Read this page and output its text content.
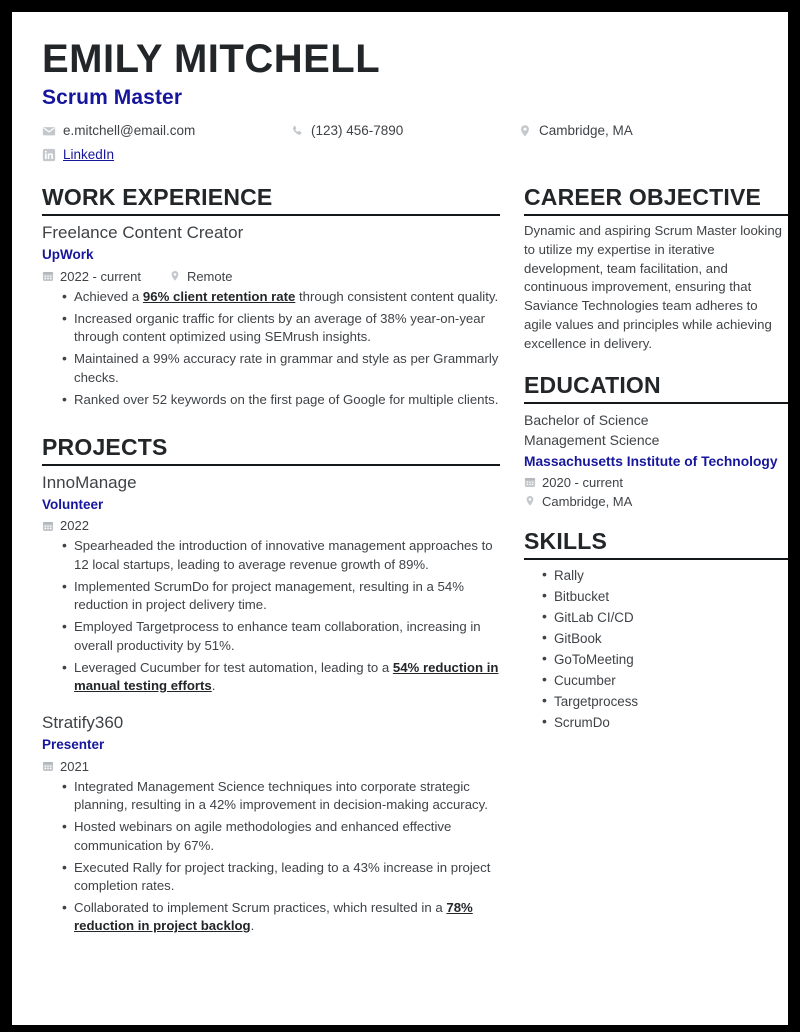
EMILY MITCHELL
Scrum Master
e.mitchell@email.com	(123) 456-7890	Cambridge, MA
LinkedIn
WORK EXPERIENCE
Freelance Content Creator
UpWork
2022 - current	Remote
• Achieved a 96% client retention rate through consistent content quality.
• Increased organic traffic for clients by an average of 38% year-on-year through content optimized using SEMrush insights.
• Maintained a 99% accuracy rate in grammar and style as per Grammarly checks.
• Ranked over 52 keywords on the first page of Google for multiple clients.
PROJECTS
InnoManage
Volunteer
2022
• Spearheaded the introduction of innovative management approaches to 12 local startups, leading to average revenue growth of 89%.
• Implemented ScrumDo for project management, resulting in a 54% reduction in project delivery time.
• Employed Targetprocess to enhance team collaboration, increasing in overall productivity by 51%.
• Leveraged Cucumber for test automation, leading to a 54% reduction in manual testing efforts.
Stratify360
Presenter
2021
• Integrated Management Science techniques into corporate strategic planning, resulting in a 42% improvement in decision-making accuracy.
• Hosted webinars on agile methodologies and enhanced effective communication by 67%.
• Executed Rally for project tracking, leading to a 43% increase in project completion rates.
• Collaborated to implement Scrum practices, which resulted in a 78% reduction in project backlog.
CAREER OBJECTIVE
Dynamic and aspiring Scrum Master looking to utilize my expertise in iterative development, team facilitation, and continuous improvement, ensuring that Saviance Technologies team adheres to agile values and principles while achieving excellence in delivery.
EDUCATION
Bachelor of Science
Management Science
Massachusetts Institute of Technology
2020 - current
Cambridge, MA
SKILLS
• Rally
• Bitbucket
• GitLab CI/CD
• GitBook
• GoToMeeting
• Cucumber
• Targetprocess
• ScrumDo
